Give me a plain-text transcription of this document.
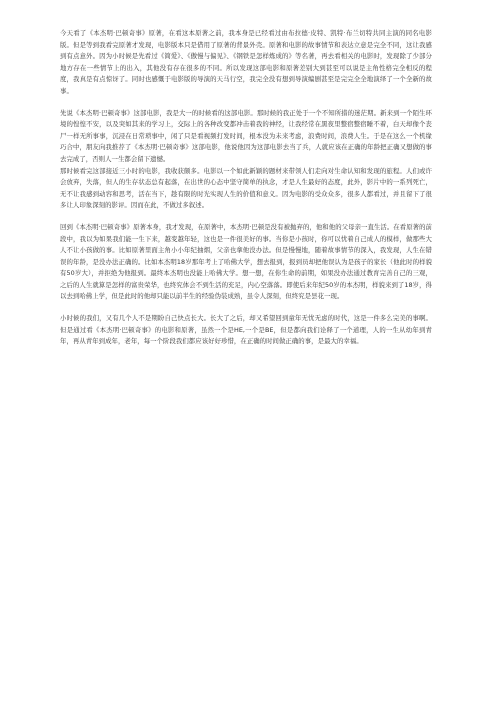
今天看了《本杰明·巴顿奇事》原著，在看这本原著之前，我本身是已经看过由布拉德·皮特、凯特·布兰切特共同主演的同名电影版。但是等到我看完原著才发现，电影版本只是借用了原著的背景外壳。原著和电影的故事情节和表达立意是完全不同，这让我感到有点意外。因为小时候是先看过《简爱》、《傲慢与偏见》、《钢铁是怎样炼成的》等名著，再去看相关的电影时，发现除了少部分地方存在一些情节上的出入，其他没有存在很多的不同。所以发现这部电影和原著差别大到甚至可以说是主角性格完全相反的程度，我真是有点惊讶了。同时也感慨于电影版的导演的天马行空，我完全没有想到导演编剧甚至是完完全全地演绎了一个全新的故事。

先说《本杰明·巴顿奇事》这部电影，我是大一的时候看的这部电影。那时候的我正处于一个不知所措的迷茫期。新来到一个陌生环境的惶惶不安，以及突如其来的学习上，交际上的各种改变都冲击着我的神经，让我经常在黑夜里整宿整宿睡不着，白天却像个丧尸一样无所事事，沉浸在日常琐事中，闲了只是看视频打发时间，根本没为未来考虑，浪费时间，浪费人生。于是在这么一个机缘巧合中，朋友向我推荐了《本杰明·巴顿奇事》这部电影，他说他因为这部电影去当了兵，人就应该在正确的年龄把正确又想做的事去完成了，否则人一生都会留下遗憾。

那时候看完这部接近三小时的电影，我收获颇多。电影以一个如此新颖的题材来带领人们走向对生命认知和发现的旅程。人们或许会放弃，失落，但人的生存状态总有起落，在出世的心态中坚守简单的执念，才是人生最好的态度，此外，影片中的一系列死亡，无不让我感到动容和思考，活在当下，趁有限的时光实现人生的价值和意义。因为电影的受众众多，很多人都看过，并且留下了很多让人印象深刻的影评。因而在此，不做过多叙述。

回到《本杰明·巴顿奇事》原著本身，我才发现，在原著中，本杰明·巴顿是没有被抛弃的，他和他的父母亲一直生活。在看原著的前段中，我以为如果我们能一生下来，越变越年轻，这也是一件很美好的事。当你是小孩时，你可以忧着自己成人的模样，做那些大人不让小孩做的事。比如原著里面主角小小年纪抽烟，父亲也拿他没办法。但是慢慢地，随着故事情节的深入，我发现，人生在错误的年龄，是没办法正确的。比如本杰明18岁那年考上了哈佛大学，想去报到，报到员却把他误认为是孩子的家长（他此时的样貌有50岁大），并拒绝为他报到。最终本杰明也没能上哈佛大学。想一想，在你生命的前期，如果没办法通过教育完善自己的三观，之后的人生就算是怎样的富贵荣华，也终究体会不到生活的充足，内心空落落。即使后来年纪50岁的本杰明，样貌来到了18岁，得以去到哈佛上学，但是此时的他却只能以前半生的经验伪装成熟，虽令人深刻，但终究是昙花一现。

小时候的我们，又有几个人不是期盼自己快点长大。长大了之后，却又希望回到童年无忧无虑的时代，这是一件多么完美的事啊。但是通过看《本杰明·巴顿奇事》的电影和原著，虽然一个是HE,一个是BE，但是都向我们诠释了一个道理，人的一生从幼年到青年，再从青年到成年，老年，每一个阶段我们都应该好好珍惜，在正确的时间做正确的事，是最大的幸福。
